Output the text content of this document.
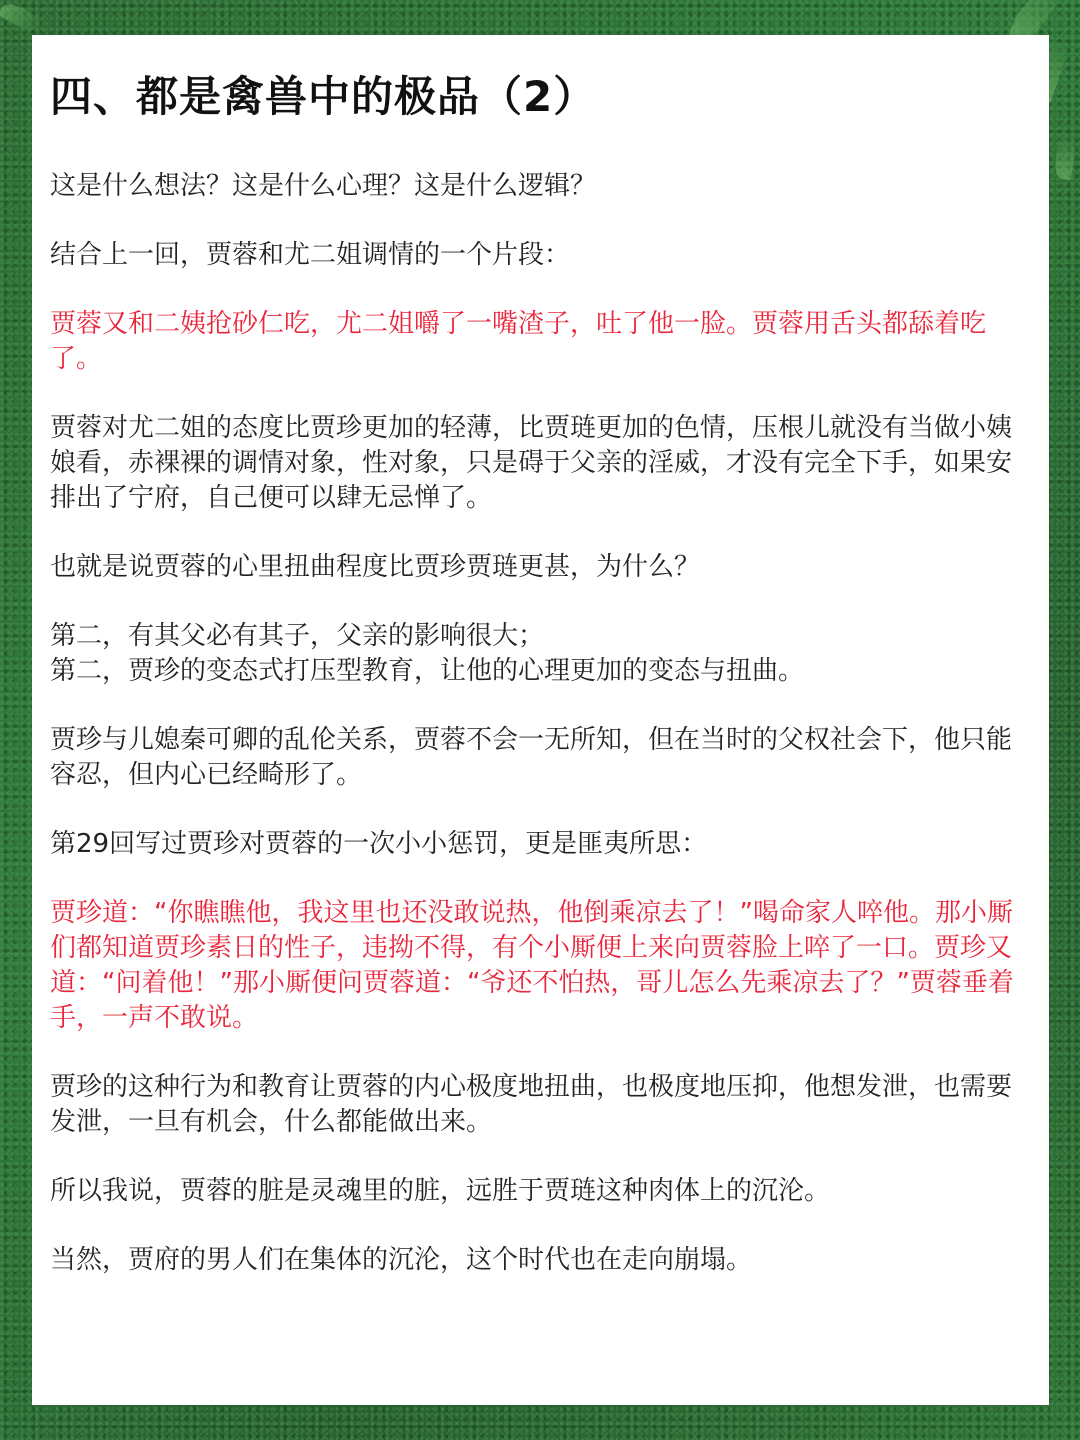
四、都是禽兽中的极品（2）

这是什么想法？这是什么心理？这是什么逻辑？

结合上一回，贾蓉和尤二姐调情的一个片段：

贾蓉又和二姨抢砂仁吃，尤二姐嚼了一嘴渣子，吐了他一脸。贾蓉用舌头都舔着吃了。

贾蓉对尤二姐的态度比贾珍更加的轻薄，比贾琏更加的色情，压根儿就没有当做小姨娘看，赤裸裸的调情对象，性对象，只是碍于父亲的淫威，才没有完全下手，如果安排出了宁府，自己便可以肆无忌惮了。

也就是说贾蓉的心里扭曲程度比贾珍贾琏更甚，为什么？

第二，有其父必有其子，父亲的影响很大；
第二，贾珍的变态式打压型教育，让他的心理更加的变态与扭曲。

贾珍与儿媳秦可卿的乱伦关系，贾蓉不会一无所知，但在当时的父权社会下，他只能容忍，但内心已经畸形了。

第29回写过贾珍对贾蓉的一次小小惩罚，更是匪夷所思：

贾珍道：“你瞧瞧他，我这里也还没敢说热，他倒乘凉去了！”喝命家人啐他。那小厮们都知道贾珍素日的性子，违拗不得，有个小厮便上来向贾蓉脸上啐了一口。贾珍又道：“问着他！”那小厮便问贾蓉道：“爷还不怕热，哥儿怎么先乘凉去了？”贾蓉垂着手，一声不敢说。

贾珍的这种行为和教育让贾蓉的内心极度地扭曲，也极度地压抑，他想发泄，也需要发泄，一旦有机会，什么都能做出来。

所以我说，贾蓉的脏是灵魂里的脏，远胜于贾琏这种肉体上的沉沦。

当然，贾府的男人们在集体的沉沦，这个时代也在走向崩塌。
